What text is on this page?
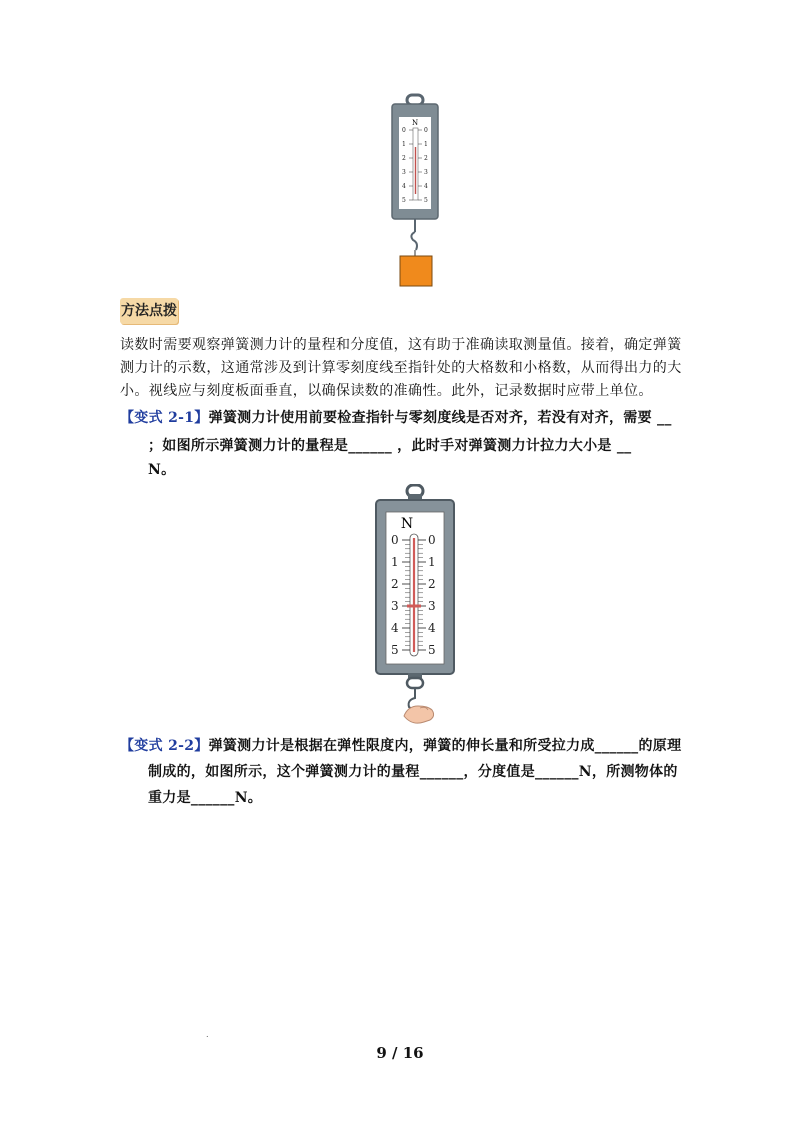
N
0
1
2
3
4
5
0
1
2
3
4
5
方法点拨
读数时需要观察弹簧测力计的量程和分度值，这有助于准确读取测量值。接着，确定弹簧
测力计的示数，这通常涉及到计算零刻度线至指针处的大格数和小格数，从而得出力的大
小。视线应与刻度板面垂直，以确保读数的准确性。此外，记录数据时应带上单位。
【变式 2-1】弹簧测力计使用前要检查指针与零刻度线是否对齐，若没有对齐，需要 __
；如图所示弹簧测力计的量程是______ ，此时手对弹簧测力计拉力大小是 __
N。
N
0
1
2
3
4
5
0
1
2
3
4
5
【变式 2-2】弹簧测力计是根据在弹性限度内，弹簧的伸长量和所受拉力成______的原理
制成的，如图所示，这个弹簧测力计的量程______，分度值是______N，所测物体的
重力是______N。
.
9 / 16
